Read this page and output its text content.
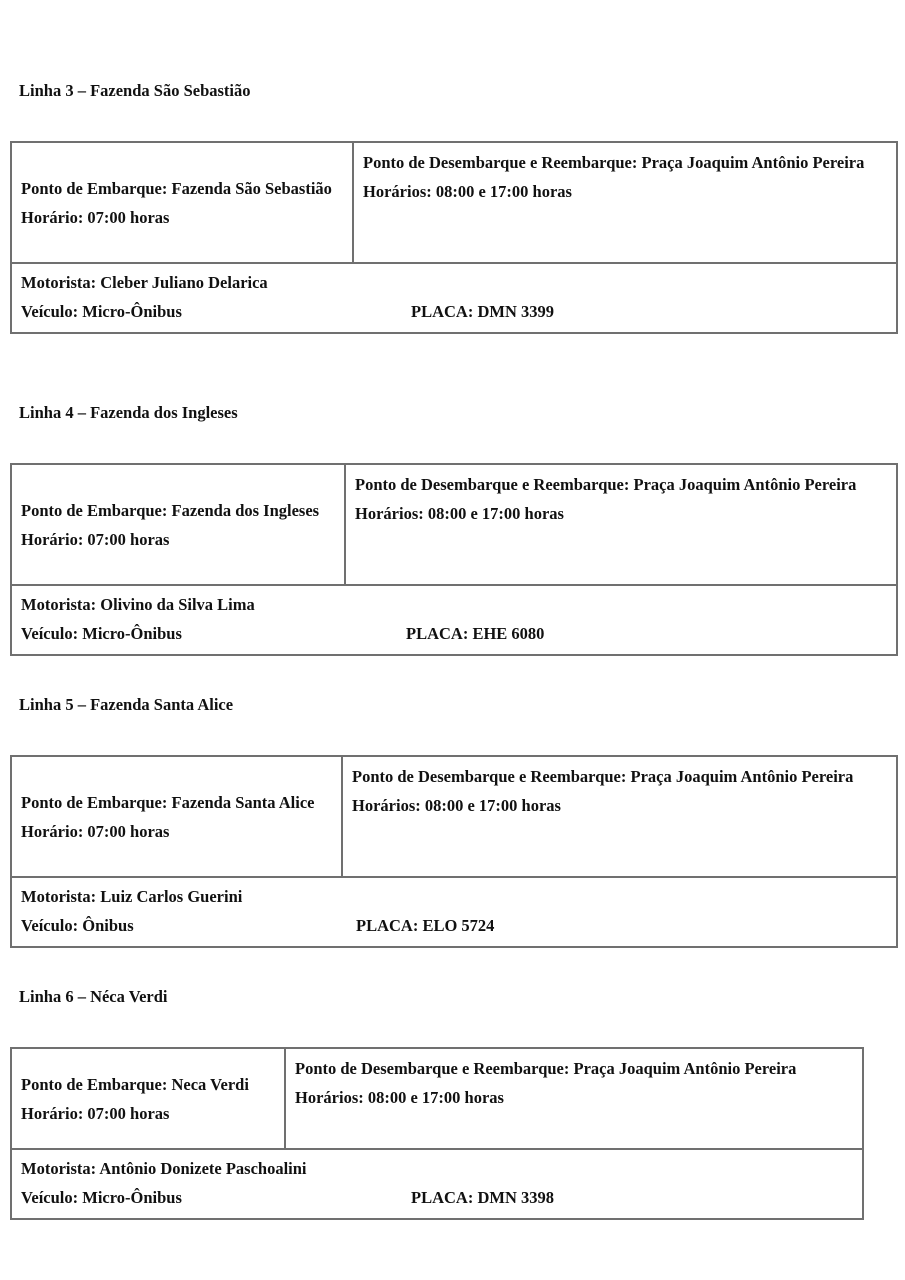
Linha 3 – Fazenda São Sebastião
Ponto de Embarque: Fazenda São Sebastião
Horário: 07:00 horas

Ponto de Desembarque e Reembarque: Praça Joaquim Antônio Pereira
Horários: 08:00 e 17:00 horas

Motorista: Cleber Juliano Delarica
Veículo: Micro-Ônibus	PLACA: DMN 3399
Linha 4 – Fazenda dos Ingleses
Ponto de Embarque: Fazenda dos Ingleses
Horário: 07:00 horas

Ponto de Desembarque e Reembarque: Praça Joaquim Antônio Pereira
Horários: 08:00 e 17:00 horas

Motorista: Olivino da Silva Lima
Veículo: Micro-Ônibus	PLACA: EHE 6080
Linha 5 – Fazenda Santa Alice
Ponto de Embarque: Fazenda Santa Alice
Horário: 07:00 horas

Ponto de Desembarque e Reembarque: Praça Joaquim Antônio Pereira
Horários: 08:00 e 17:00 horas

Motorista: Luiz Carlos Guerini
Veículo: Ônibus	PLACA: ELO 5724
Linha 6 – Néca Verdi
Ponto de Embarque: Neca Verdi
Horário: 07:00 horas

Ponto de Desembarque e Reembarque: Praça Joaquim Antônio Pereira
Horários: 08:00 e 17:00 horas

Motorista: Antônio Donizete Paschoalini
Veículo: Micro-Ônibus	PLACA: DMN 3398
